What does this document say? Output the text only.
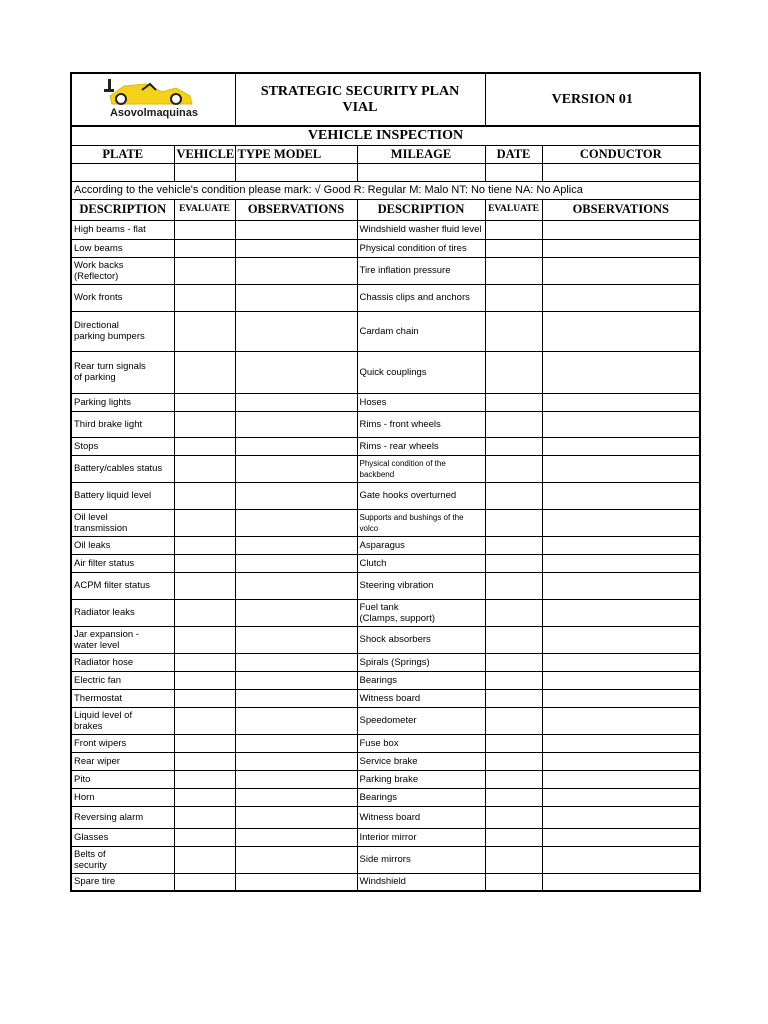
Asovolmaquinas		STRATEGIC SECURITY PLAN
VIAL		VERSION 01	
VEHICLE INSPECTION					
PLATE	VEHICLE	TYPE MODEL	MILEAGE	DATE	CONDUCTOR

According to the vehicle's condition please mark: √ Good R: Regular M: Malo NT: No tiene NA: No Aplica					
DESCRIPTION	EVALUATE	OBSERVATIONS	DESCRIPTION	EVALUATE	OBSERVATIONS
High beams - flat			Windshield washer fluid level		
Low beams			Physical condition of tires		
Work backs
(Reflector)			Tire inflation pressure		
Work fronts			Chassis clips and anchors		
Directional
parking bumpers			Cardam chain		
Rear turn signals
of parking			Quick couplings		
Parking lights			Hoses		
Third brake light			Rims - front wheels		
Stops			Rims - rear wheels		
Battery/cables status			Physical condition of the backbend		
Battery liquid level			Gate hooks overturned		
Oil level
transmission			Supports and bushings of the volco		
Oil leaks			Asparagus		
Air filter status			Clutch		
ACPM filter status			Steering vibration		
Radiator leaks			Fuel tank
(Clamps, support)		
Jar expansion -
water level			Shock absorbers		
Radiator hose			Spirals (Springs)		
Electric fan			Bearings		
Thermostat			Witness board		
Liquid level of
brakes			Speedometer		
Front wipers			Fuse box		
Rear wiper			Service brake		
Pito			Parking brake		
Horn			Bearings		
Reversing alarm			Witness board		
Glasses			Interior mirror		
Belts of
security			Side mirrors		
Spare tire			Windshield		
